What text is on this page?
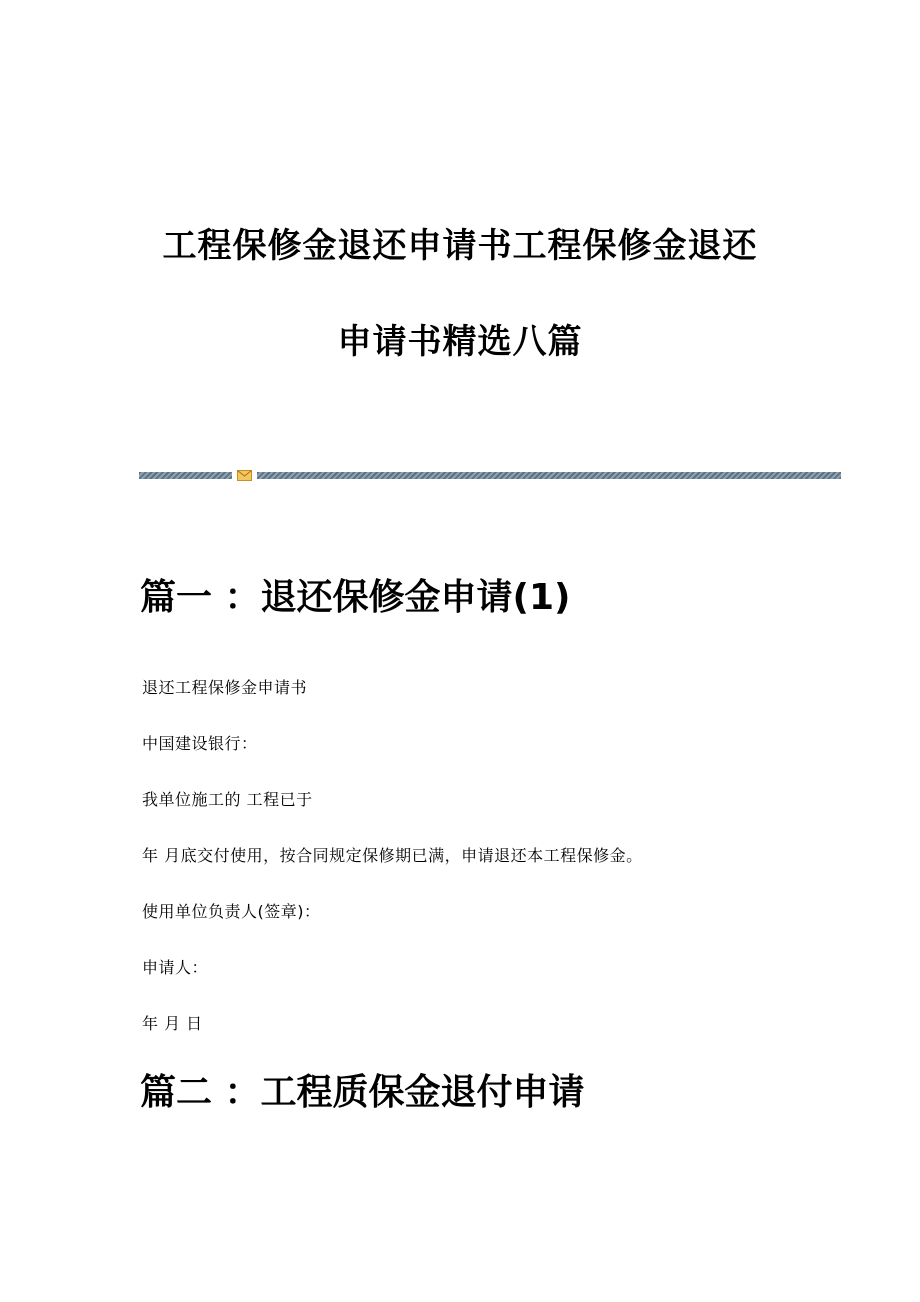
工程保修金退还申请书工程保修金退还
申请书精选八篇
篇一 ：退还保修金申请(1)

退还工程保修金申请书

中国建设银行：

我单位施工的 工程已于

年 月底交付使用，按合同规定保修期已满，申请退还本工程保修金。

使用单位负责人(签章)：

申请人：

年 月 日

篇二 ：工程质保金退付申请
